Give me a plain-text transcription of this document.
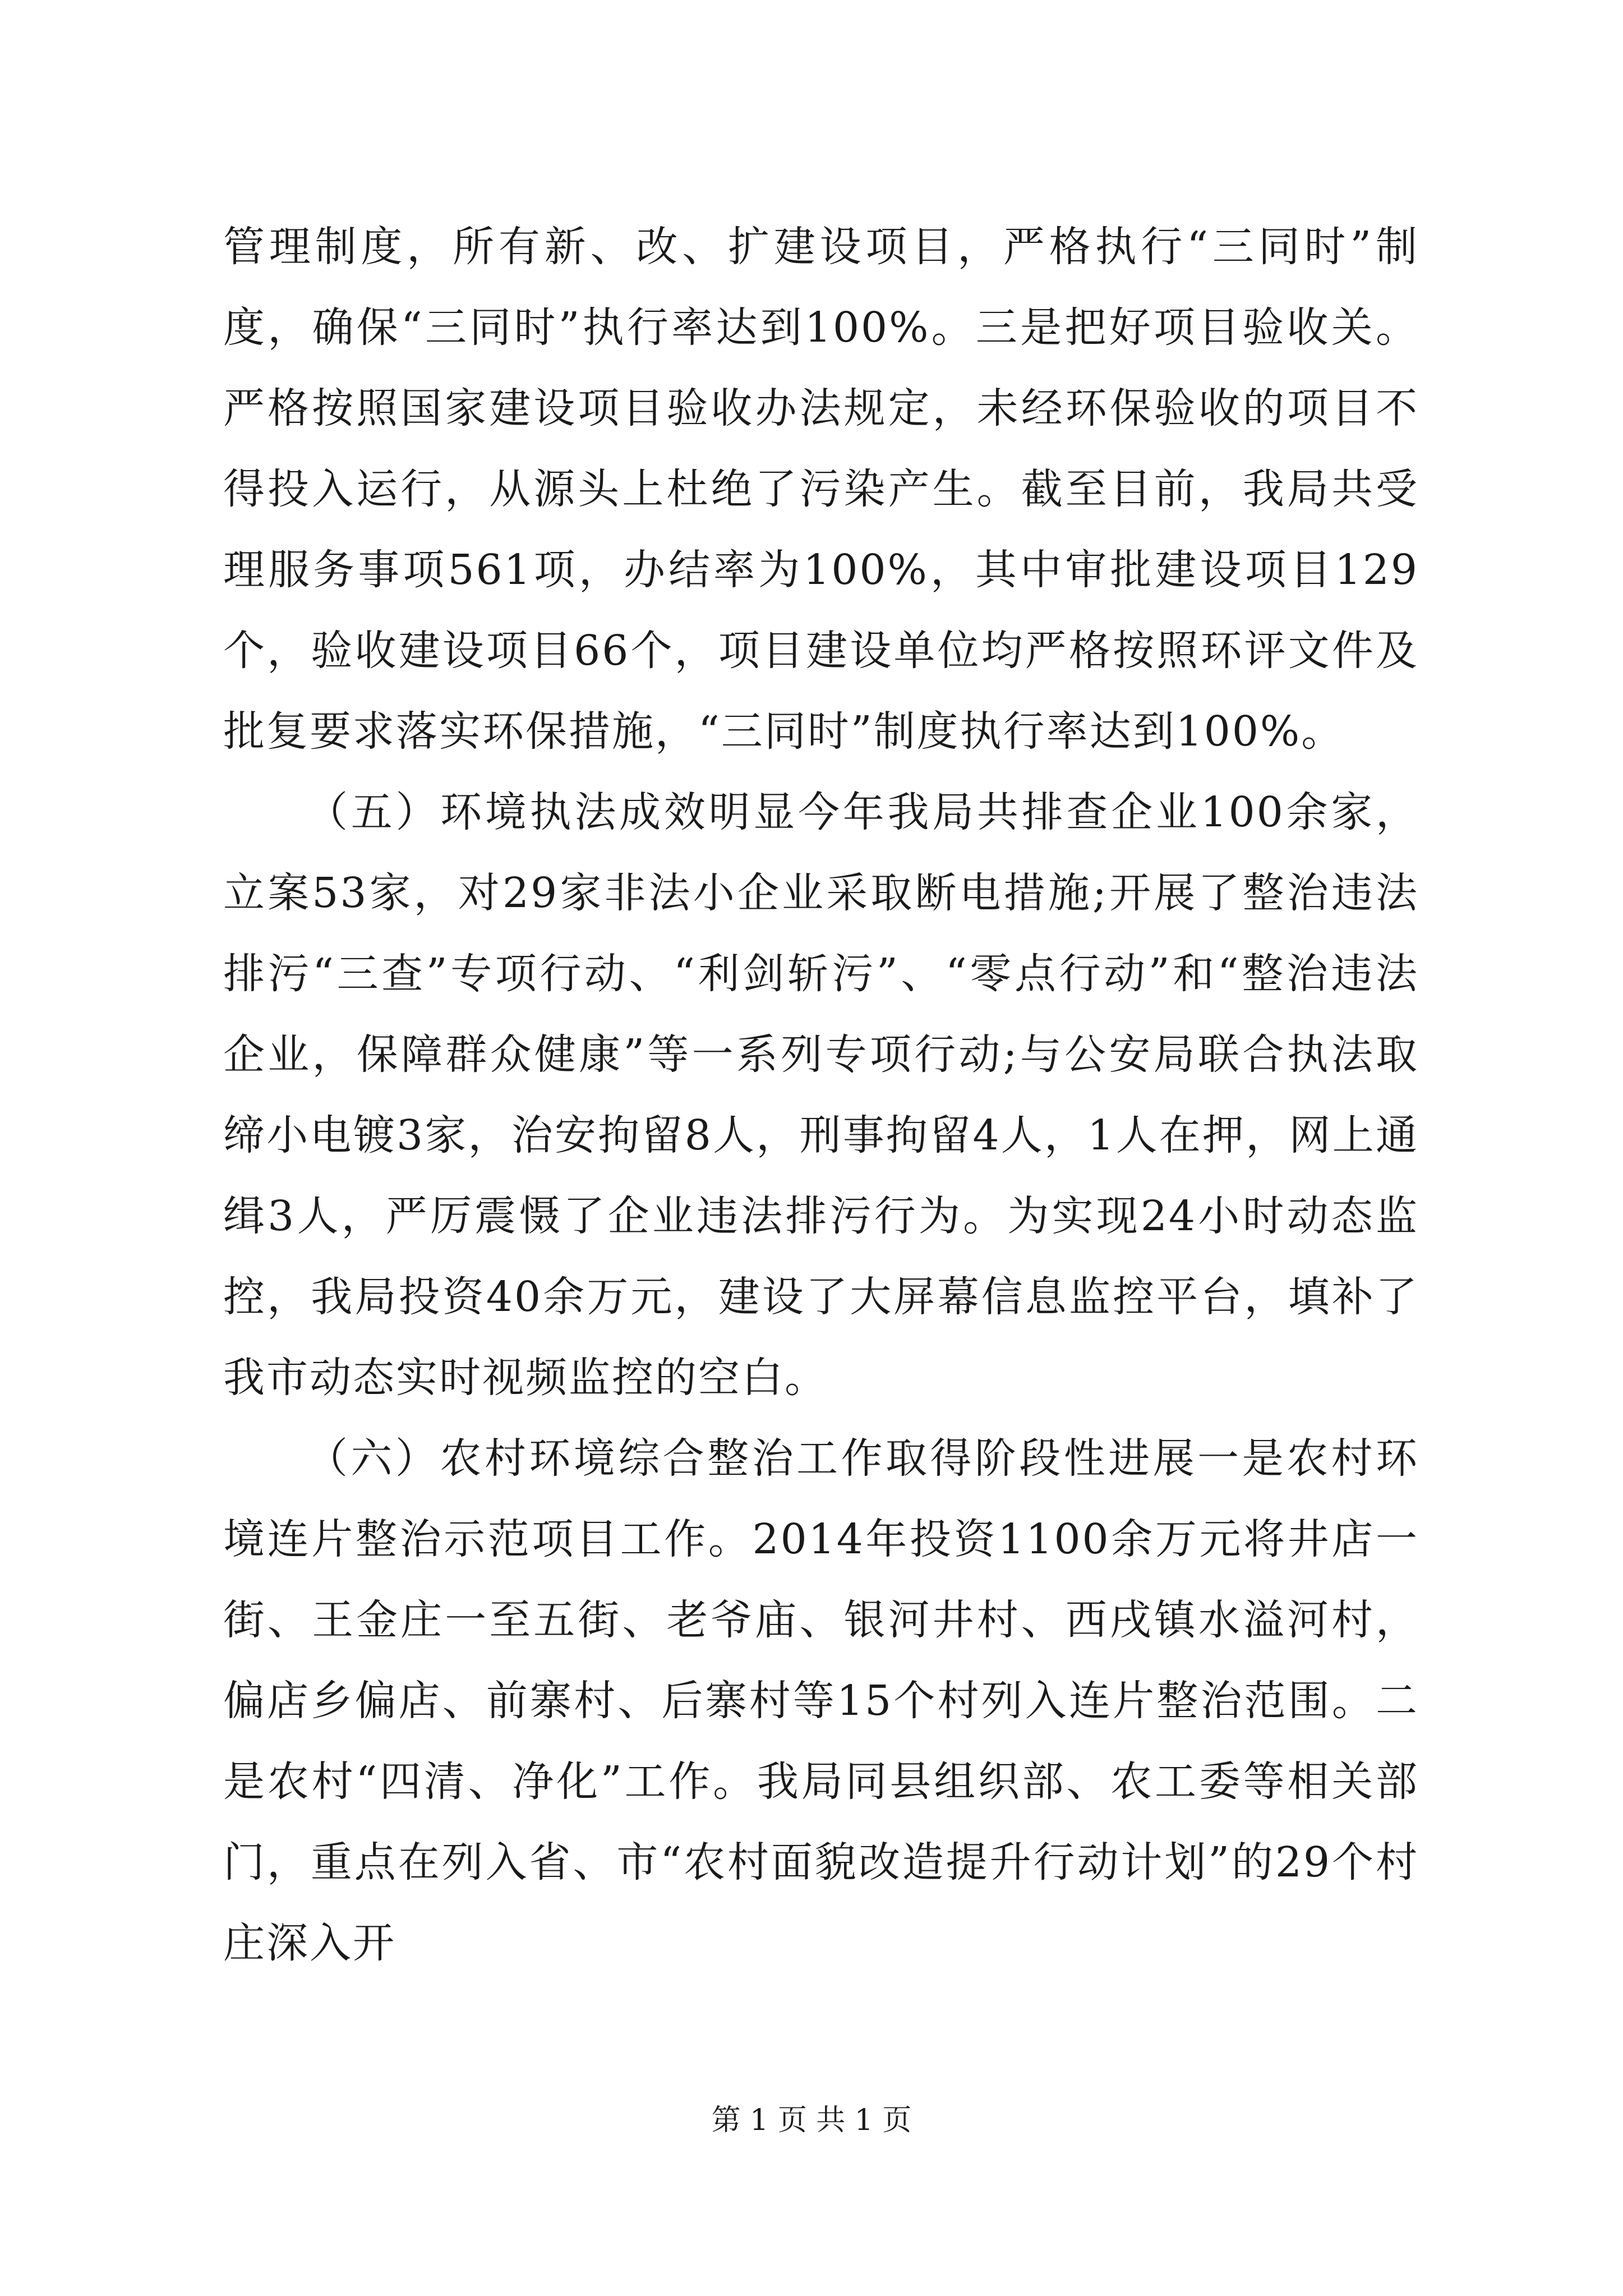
管理制度，所有新、改、扩建设项目，严格执行“三同时”制度，确保“三同时”执行率达到100%。三是把好项目验收关。严格按照国家建设项目验收办法规定，未经环保验收的项目不得投入运行，从源头上杜绝了污染产生。截至目前，我局共受理服务事项561项，办结率为100%，其中审批建设项目129个，验收建设项目66个，项目建设单位均严格按照环评文件及批复要求落实环保措施，“三同时”制度执行率达到100%。

（五）环境执法成效明显今年我局共排查企业100余家，立案53家，对29家非法小企业采取断电措施;开展了整治违法排污“三查”专项行动、“利剑斩污”、“零点行动”和“整治违法企业，保障群众健康”等一系列专项行动;与公安局联合执法取缔小电镀3家，治安拘留8人，刑事拘留4人，1人在押，网上通缉3人，严厉震慑了企业违法排污行为。为实现24小时动态监控，我局投资40余万元，建设了大屏幕信息监控平台，填补了我市动态实时视频监控的空白。

（六）农村环境综合整治工作取得阶段性进展一是农村环境连片整治示范项目工作。2014年投资1100余万元将井店一街、王金庄一至五街、老爷庙、银河井村、西戌镇水溢河村，偏店乡偏店、前寨村、后寨村等15个村列入连片整治范围。二是农村“四清、净化”工作。我局同县组织部、农工委等相关部门，重点在列入省、市“农村面貌改造提升行动计划”的29个村庄深入开

第 1 页 共 1 页
